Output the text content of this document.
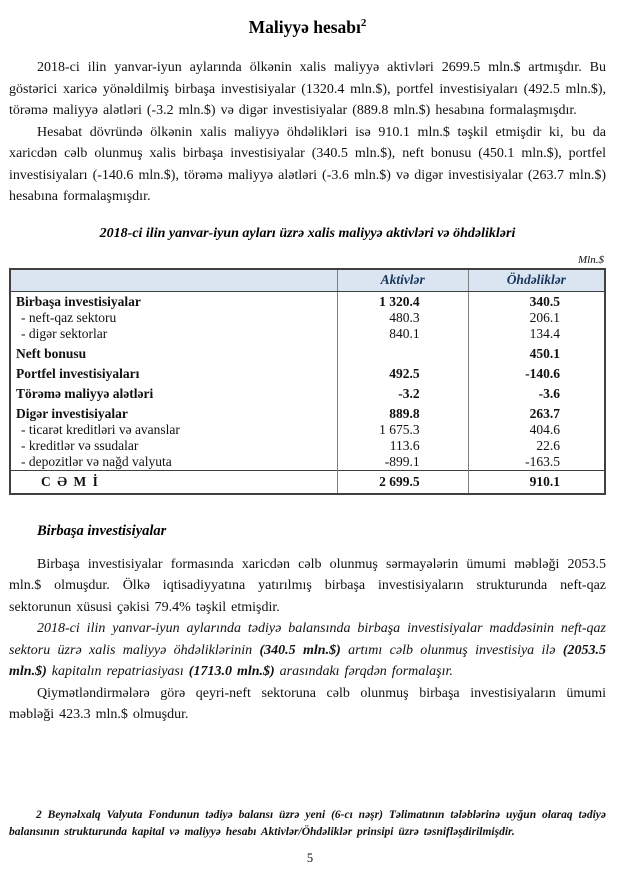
Maliyyə hesabı$^2$

2018-ci ilin yanvar-iyun aylarında ölkənin xalis maliyyə aktivləri 2699.5 mln.$ artmışdır. Bu göstərici xaricə yönəldilmiş birbaşa investisiyalar (1320.4 mln.$), portfel investisiyaları (492.5 mln.$), törəmə maliyyə alətləri (-3.2 mln.$) və digər investisiyalar (889.8 mln.$) hesabına formalaşmışdır.

Hesabat dövründə ölkənin xalis maliyyə öhdəlikləri isə 910.1 mln.$ təşkil etmişdir ki, bu da xaricdən cəlb olunmuş xalis birbaşa investisiyalar (340.5 mln.$), neft bonusu (450.1 mln.$), portfel investisiyaları (-140.6 mln.$), törəmə maliyyə alətləri (-3.6 mln.$) və digər investisiyalar (263.7 mln.$) hesabına formalaşmışdır.

2018-ci ilin yanvar-iyun ayları üzrə xalis maliyyə aktivləri və öhdəlikləri
Mln.$
	Aktivlər	Öhdəliklər
Birbaşa investisiyalar	1 320.4	340.5
- neft-qaz sektoru	480.3	206.1
- digər sektorlar	840.1	134.4
Neft bonusu		450.1
Portfel investisiyaları	492.5	-140.6
Törəmə maliyyə alətləri	-3.2	-3.6
Digər investisiyalar	889.8	263.7
- ticarət kreditləri və avanslar	1 675.3	404.6
- kreditlər və ssudalar	113.6	22.6
- depozitlər və nağd valyuta	-899.1	-163.5
C Ə M İ	2 699.5	910.1
Birbaşa investisiyalar

Birbaşa investisiyalar formasında xaricdən cəlb olunmuş sərmayələrin ümumi məbləği 2053.5 mln.$ olmuşdur. Ölkə iqtisadiyyatına yatırılmış birbaşa investisiyaların strukturunda neft-qaz sektorunun xüsusi çəkisi 79.4% təşkil etmişdir.

2018-ci ilin yanvar-iyun aylarında tədiyə balansında birbaşa investisiyalar maddəsinin neft-qaz sektoru üzrə xalis maliyyə öhdəliklərinin (340.5 mln.$) artımı cəlb olunmuş investisiya ilə (2053.5 mln.$) kapitalın repatriasiyası (1713.0 mln.$) arasındakı fərqdən formalaşır.

Qiymətləndirmələrə görə qeyri-neft sektoruna cəlb olunmuş birbaşa investisiyaların ümumi məbləği 423.3 mln.$ olmuşdur.

2 Beynəlxalq Valyuta Fondunun tədiyə balansı üzrə yeni (6-cı nəşr) Təlimatının tələblərinə uyğun olaraq tədiyə balansının strukturunda kapital və maliyyə hesabı Aktivlər/Öhdəliklər prinsipi üzrə təsnifləşdirilmişdir.
5
